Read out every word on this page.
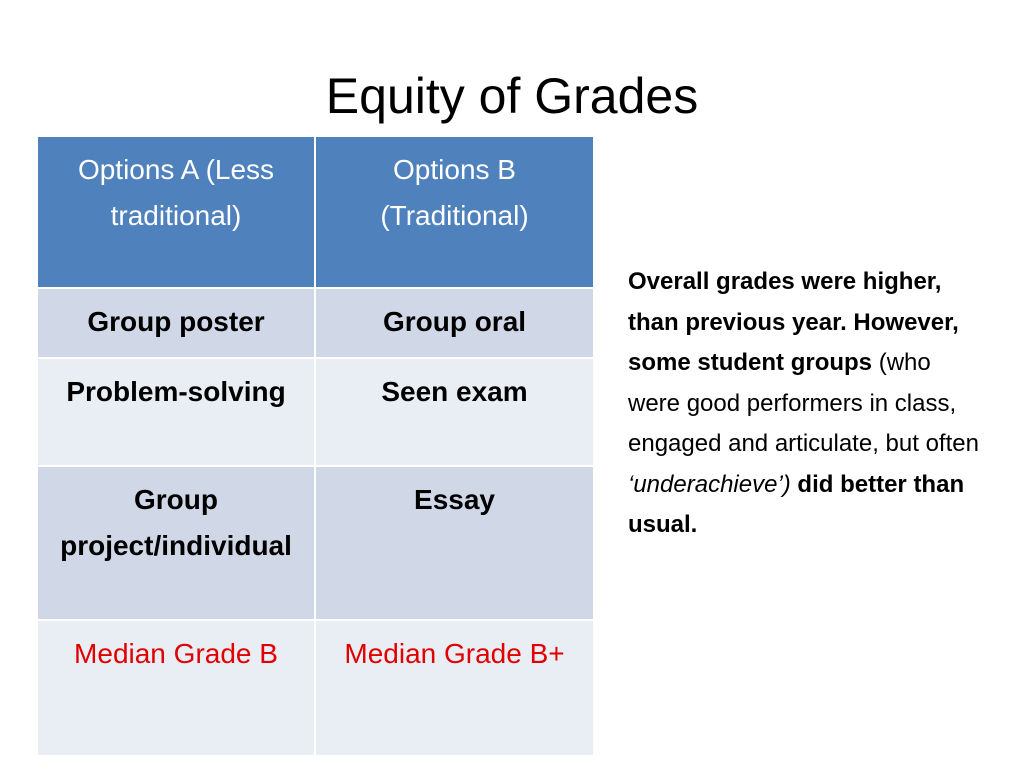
Equity of Grades
Options A (Less traditional)	Options B (Traditional)
Group poster	Group oral
Problem-solving	Seen exam
Group project/individual	Essay
Median Grade B	Median Grade B+

Overall grades were higher, than previous year. However, some student groups (who were good performers in class, engaged and articulate, but often ‘underachieve’) did better than usual.
